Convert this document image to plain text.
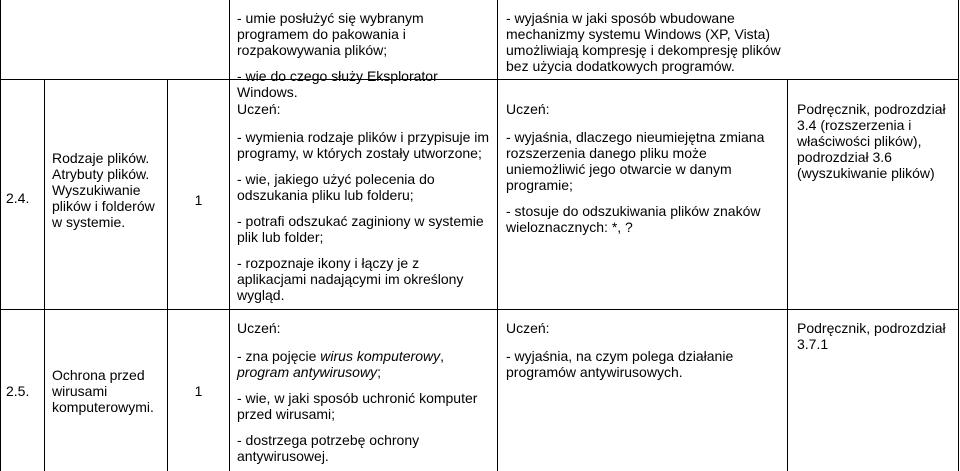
- umie posłużyć się wybranym programem do pakowania i rozpakowywania plików;

- wie do czego służy Eksplorator Windows.

- wyjaśnia w jaki sposób wbudowane mechanizmy systemu Windows (XP, Vista) umożliwiają kompresję i dekompresję plików bez użycia dodatkowych programów.

2.4.
Rodzaje plików. Atrybuty plików. Wyszukiwanie plików i folderów w systemie.
1

Uczeń:

- wymienia rodzaje plików i przypisuje im programy, w których zostały utworzone;

- wie, jakiego użyć polecenia do odszukania pliku lub folderu;

- potrafi odszukać zaginiony w systemie plik lub folder;

- rozpoznaje ikony i łączy je z aplikacjami nadającymi im określony wygląd.

Uczeń:

- wyjaśnia, dlaczego nieumiejętna zmiana rozszerzenia danego pliku może uniemożliwić jego otwarcie w danym programie;

- stosuje do odszukiwania plików znaków wieloznacznych: *, ?

Podręcznik, podrozdział 3.4 (rozszerzenia i właściwości plików), podrozdział 3.6 (wyszukiwanie plików)
2.5.
Ochrona przed wirusami komputerowymi.
1

Uczeń:

- zna pojęcie wirus komputerowy, program antywirusowy;

- wie, w jaki sposób uchronić komputer przed wirusami;

- dostrzega potrzebę ochrony antywirusowej.

Uczeń:

- wyjaśnia, na czym polega działanie programów antywirusowych.

Podręcznik, podrozdział 3.7.1
